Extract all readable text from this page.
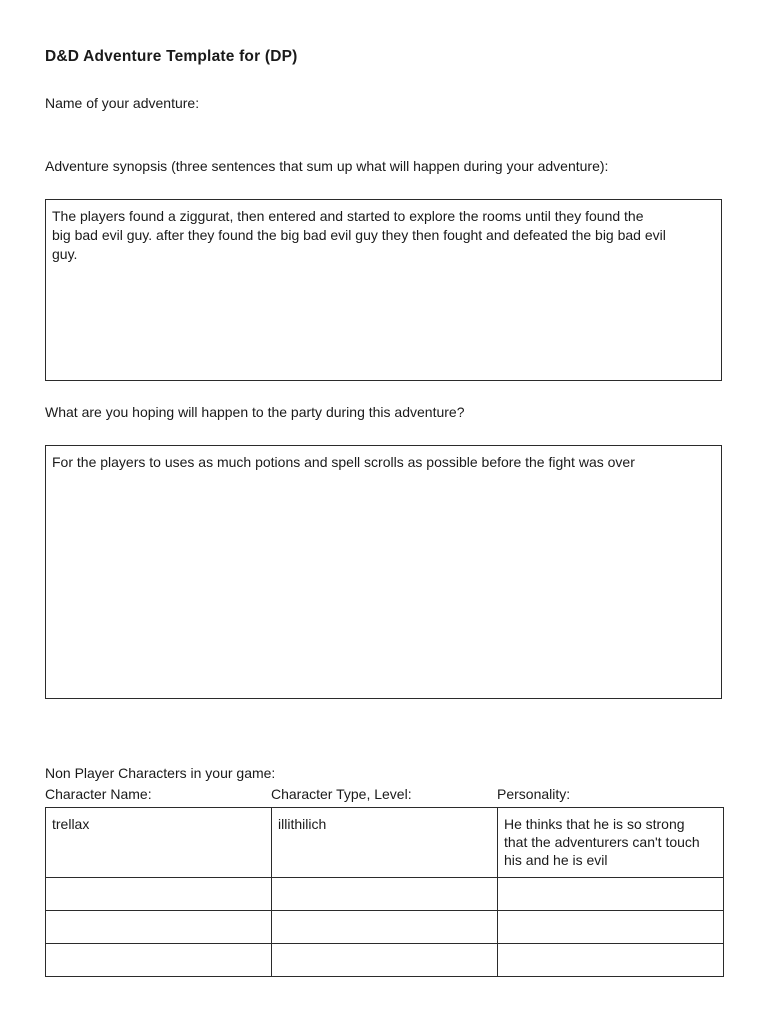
D&D Adventure Template for (DP)
Name of your adventure:
Adventure synopsis (three sentences that sum up what will happen during your adventure):
The players found a ziggurat, then entered and started to explore the rooms until they found the
big bad evil guy. after they found the big bad evil guy they then fought and defeated the big bad evil
guy.
What are you hoping will happen to the party during this adventure?
For the players to uses as much potions and spell scrolls as possible before the fight was over
Non Player Characters in your game:
Character Name:	Character Type, Level:	Personality:
trellax	illithilich	He thinks that he is so strong
that the adventurers can't touch
his and he is evil
